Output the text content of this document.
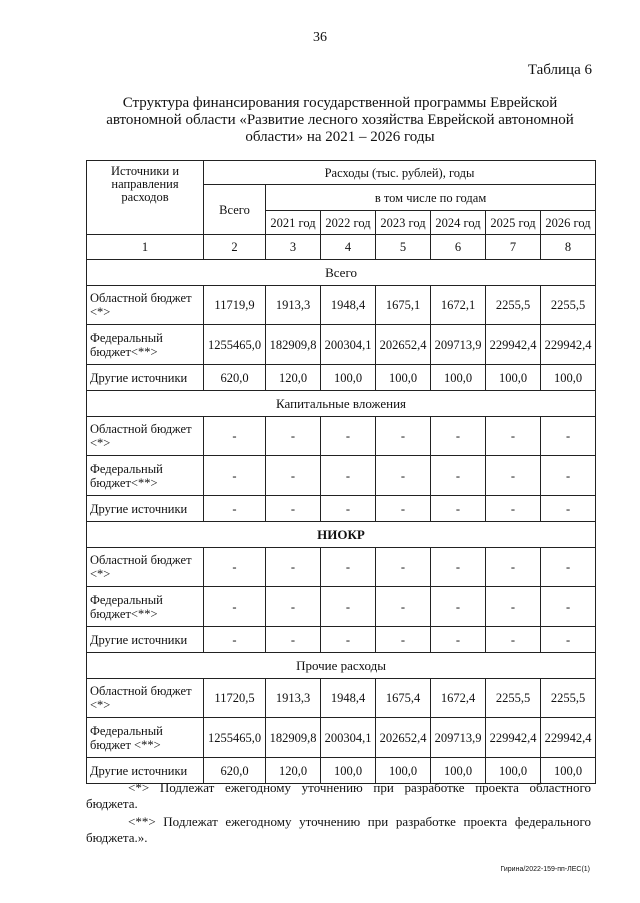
36
Таблица 6
Структура финансирования государственной программы Еврейской автономной области «Развитие лесного хозяйства Еврейской автономной области» на 2021 – 2026 годы
Источники и направления расходов	Расходы (тыс. рублей), годы						
	Всего	в том числе по годам					
		2021 год	2022 год	2023 год	2024 год	2025 год	2026 год
1	2	3	4	5	6	7	8
Всего							
Областной бюджет <*>	11719,9	1913,3	1948,4	1675,1	1672,1	2255,5	2255,5
Федеральный бюджет<**>	1255465,0	182909,8	200304,1	202652,4	209713,9	229942,4	229942,4
Другие источники	620,0	120,0	100,0	100,0	100,0	100,0	100,0
Капитальные вложения							
Областной бюджет <*>	-	-	-	-	-	-	-
Федеральный бюджет<**>	-	-	-	-	-	-	-
Другие источники	-	-	-	-	-	-	-
НИОКР							
Областной бюджет <*>	-	-	-	-	-	-	-
Федеральный бюджет<**>	-	-	-	-	-	-	-
Другие источники	-	-	-	-	-	-	-
Прочие расходы							
Областной бюджет <*>	11720,5	1913,3	1948,4	1675,4	1672,4	2255,5	2255,5
Федеральный бюджет <**>	1255465,0	182909,8	200304,1	202652,4	209713,9	229942,4	229942,4
Другие источники	620,0	120,0	100,0	100,0	100,0	100,0	100,0

<*> Подлежат ежегодному уточнению при разработке проекта областного бюджета.

<**> Подлежат ежегодному уточнению при разработке проекта федерального бюджета.».

Гирина/2022-159-пп-ЛЕС(1)
